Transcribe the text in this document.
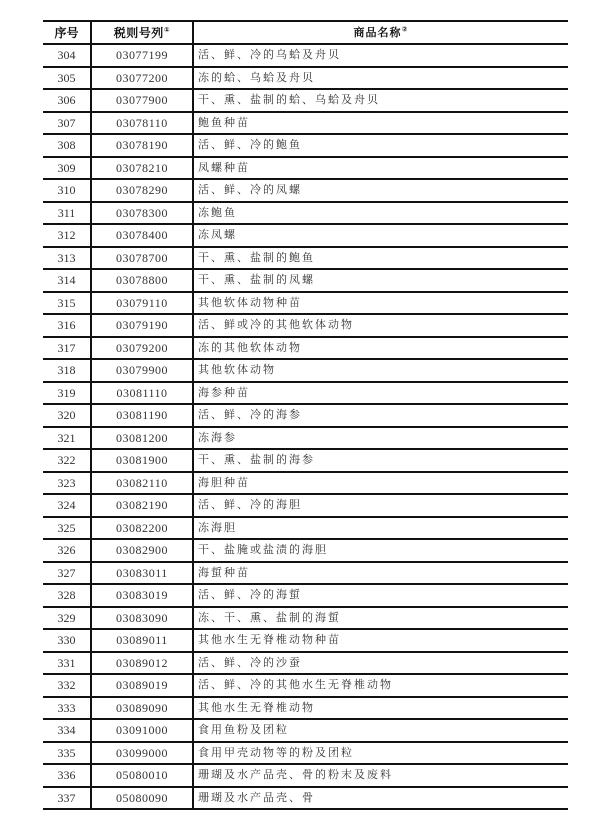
序号	税则号列①	商品名称②
304	03077199	活、鲜、冷的乌蛤及舟贝
305	03077200	冻的蛤、乌蛤及舟贝
306	03077900	干、熏、盐制的蛤、乌蛤及舟贝
307	03078110	鲍鱼种苗
308	03078190	活、鲜、冷的鲍鱼
309	03078210	凤螺种苗
310	03078290	活、鲜、冷的凤螺
311	03078300	冻鲍鱼
312	03078400	冻凤螺
313	03078700	干、熏、盐制的鲍鱼
314	03078800	干、熏、盐制的凤螺
315	03079110	其他软体动物种苗
316	03079190	活、鲜或冷的其他软体动物
317	03079200	冻的其他软体动物
318	03079900	其他软体动物
319	03081110	海参种苗
320	03081190	活、鲜、冷的海参
321	03081200	冻海参
322	03081900	干、熏、盐制的海参
323	03082110	海胆种苗
324	03082190	活、鲜、冷的海胆
325	03082200	冻海胆
326	03082900	干、盐腌或盐渍的海胆
327	03083011	海蜇种苗
328	03083019	活、鲜、冷的海蜇
329	03083090	冻、干、熏、盐制的海蜇
330	03089011	其他水生无脊椎动物种苗
331	03089012	活、鲜、冷的沙蚕
332	03089019	活、鲜、冷的其他水生无脊椎动物
333	03089090	其他水生无脊椎动物
334	03091000	食用鱼粉及团粒
335	03099000	食用甲壳动物等的粉及团粒
336	05080010	珊瑚及水产品壳、骨的粉末及废料
337	05080090	珊瑚及水产品壳、骨
